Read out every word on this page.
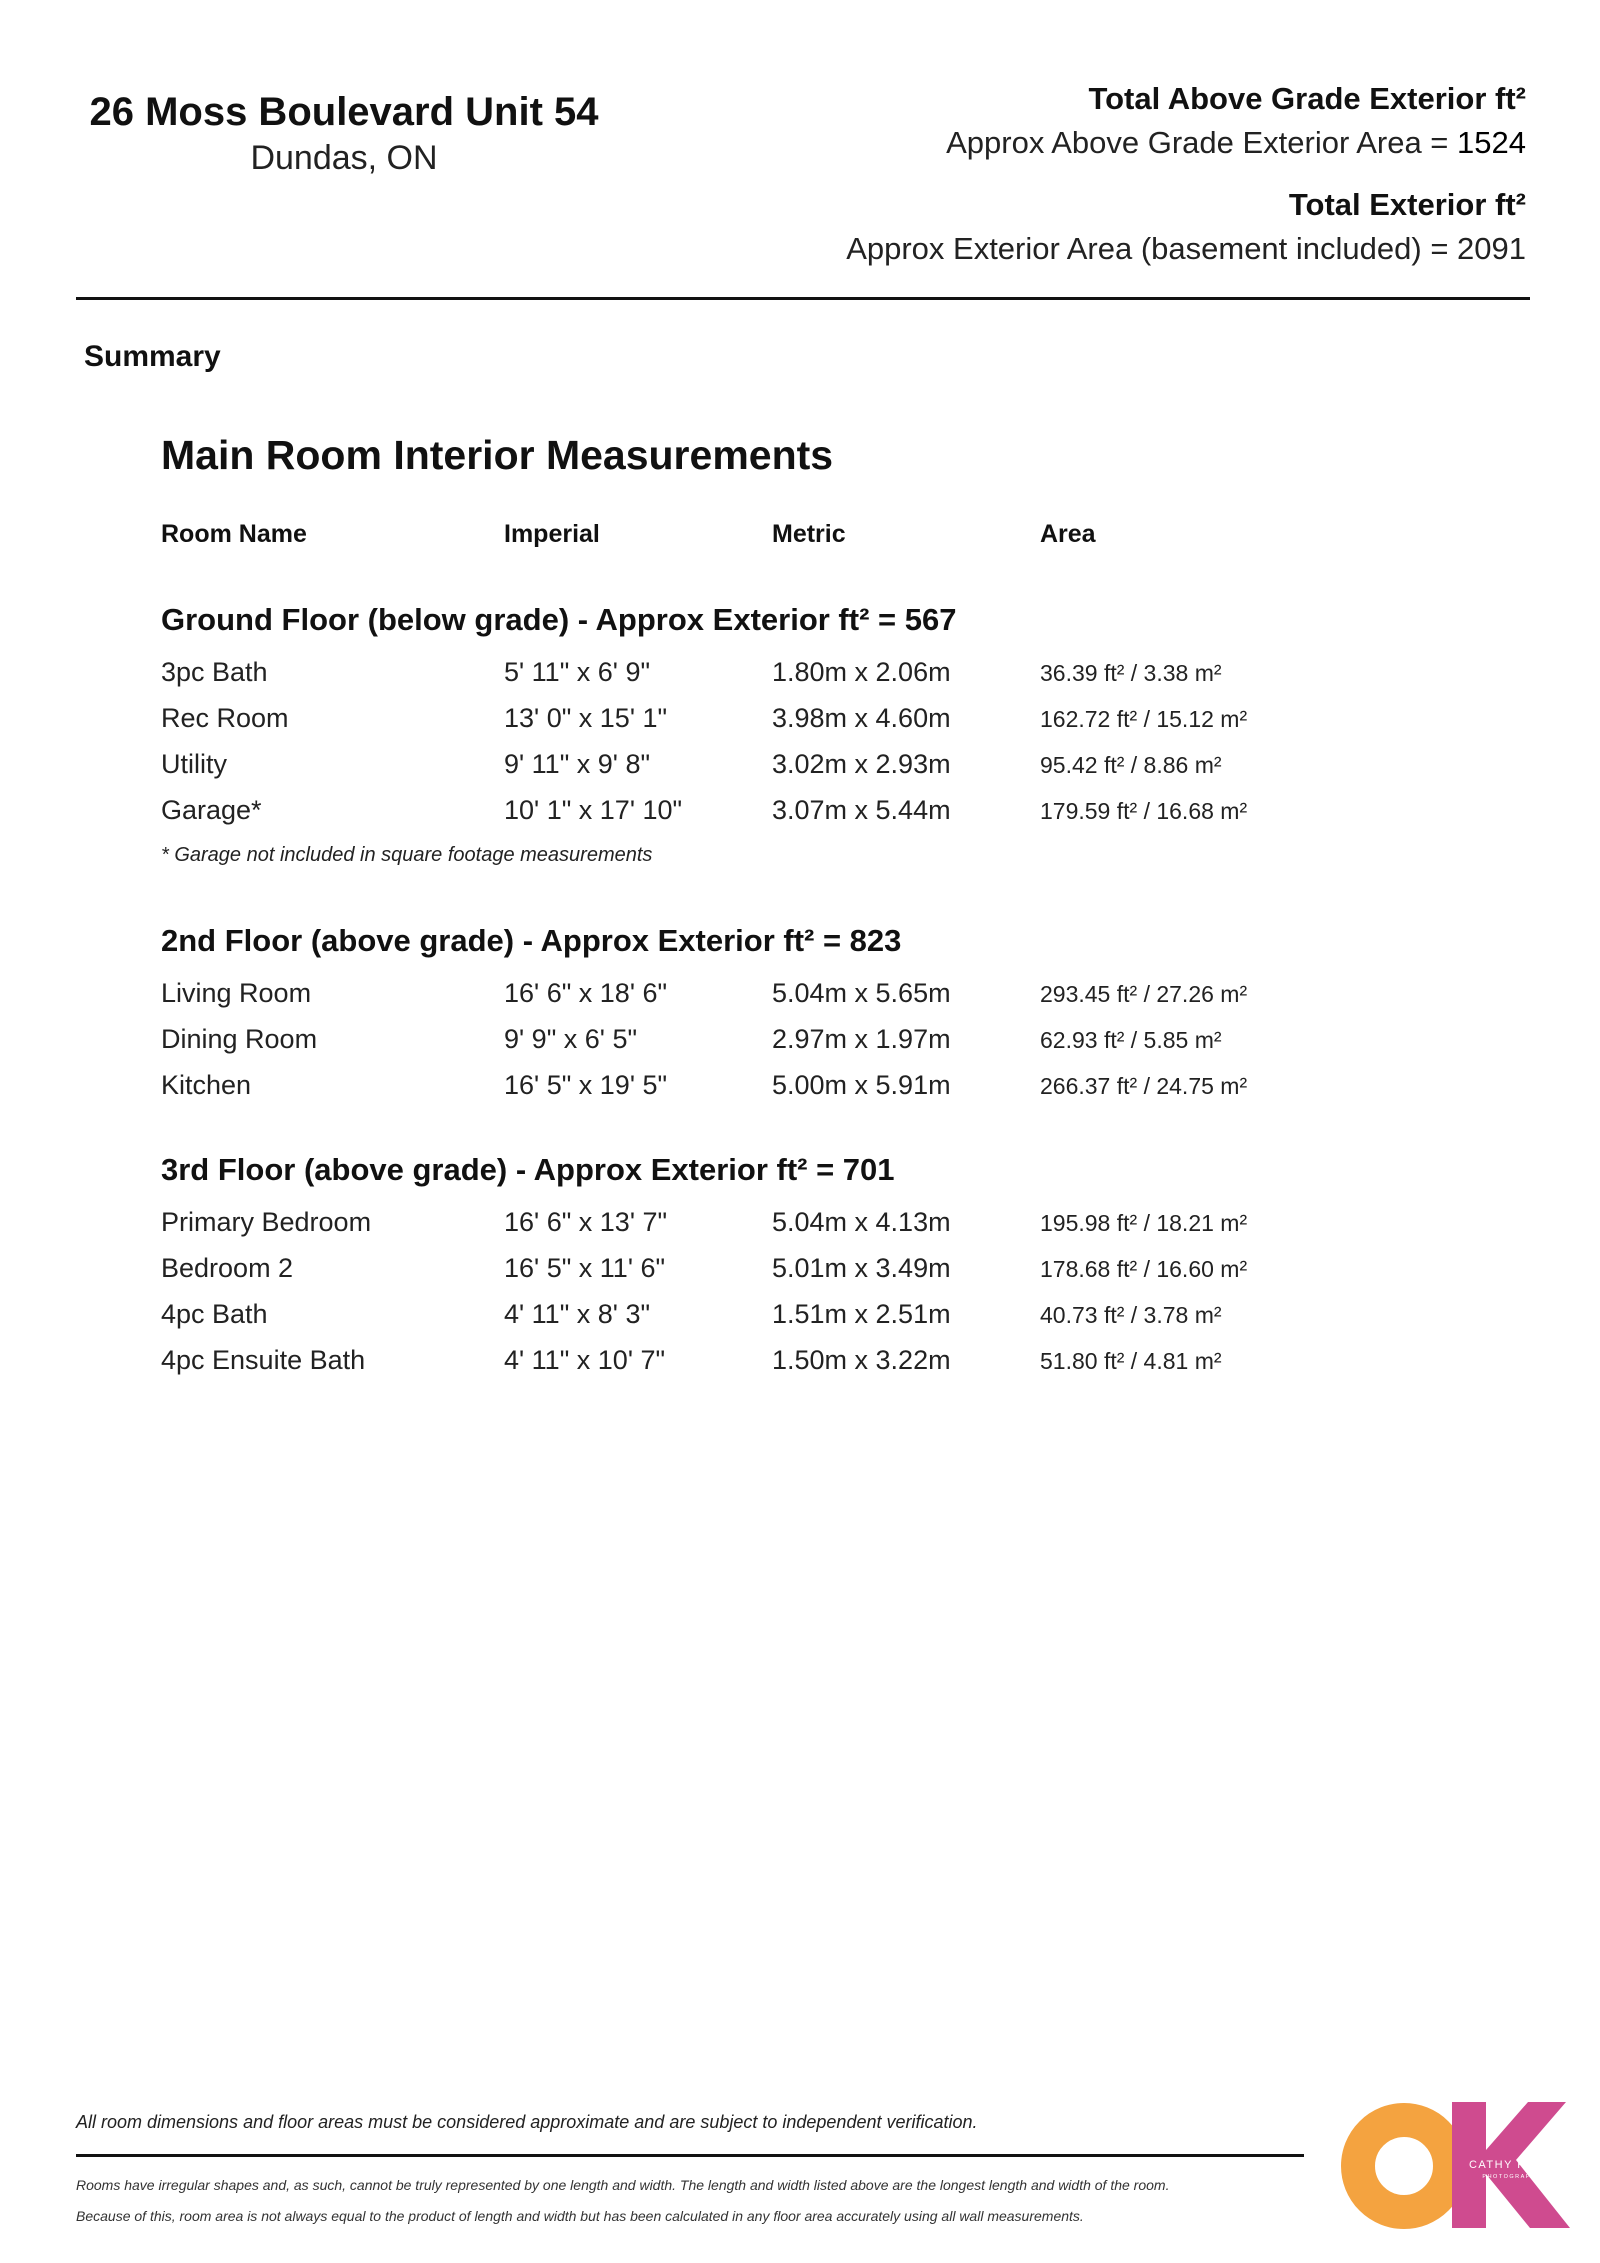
26 Moss Boulevard Unit 54
Dundas, ON
Total Above Grade Exterior ft²
Approx Above Grade Exterior Area = 1524
Total Exterior ft²
Approx Exterior Area (basement included) = 2091
Summary
Main Room Interior Measurements
Room Name	Imperial	Metric	Area
Ground Floor (below grade) - Approx Exterior ft² = 567
3pc Bath	5' 11" x 6' 9"	1.80m x 2.06m	36.39 ft² / 3.38 m²
Rec Room	13' 0" x 15' 1"	3.98m x 4.60m	162.72 ft² / 15.12 m²
Utility	9' 11" x 9' 8"	3.02m x 2.93m	95.42 ft² / 8.86 m²
Garage*	10' 1" x 17' 10"	3.07m x 5.44m	179.59 ft² / 16.68 m²
* Garage not included in square footage measurements
2nd Floor (above grade) - Approx Exterior ft² = 823
Living Room	16' 6" x 18' 6"	5.04m x 5.65m	293.45 ft² / 27.26 m²
Dining Room	9' 9" x 6' 5"	2.97m x 1.97m	62.93 ft² / 5.85 m²
Kitchen	16' 5" x 19' 5"	5.00m x 5.91m	266.37 ft² / 24.75 m²
3rd Floor (above grade) - Approx Exterior ft² = 701
Primary Bedroom	16' 6" x 13' 7"	5.04m x 4.13m	195.98 ft² / 18.21 m²
Bedroom 2	16' 5" x 11' 6"	5.01m x 3.49m	178.68 ft² / 16.60 m²
4pc Bath	4' 11" x 8' 3"	1.51m x 2.51m	40.73 ft² / 3.78 m²
4pc Ensuite Bath	4' 11" x 10' 7"	1.50m x 3.22m	51.80 ft² / 4.81 m²
All room dimensions and floor areas must be considered approximate and are subject to independent verification.
Rooms have irregular shapes and, as such, cannot be truly represented by one length and width. The length and width listed above are the longest length and width of the room.
Because of this, room area is not always equal to the product of length and width but has been calculated in any floor area accurately using all wall measurements.
CATHY KOOP
PHOTOGRAPHY
